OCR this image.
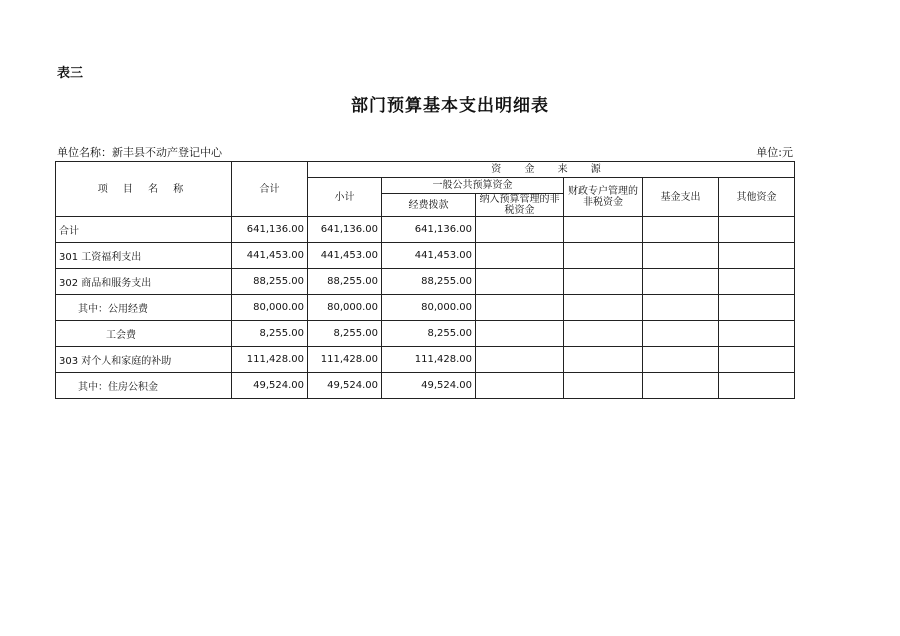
表三
部门预算基本支出明细表
单位名称：新丰县不动产登记中心	单位:元
项 目 名 称	合计	资 金 来 源					
		小计	一般公共预算资金		财政专户管理的非税资金	基金支出	其他资金
			经费拨款	纳入预算管理的非税资金			
合计	641,136.00	641,136.00	641,136.00				
301 工资福利支出	441,453.00	441,453.00	441,453.00				
302 商品和服务支出	88,255.00	88,255.00	88,255.00				
其中：公用经费	80,000.00	80,000.00	80,000.00				
工会费	8,255.00	8,255.00	8,255.00				
303 对个人和家庭的补助	111,428.00	111,428.00	111,428.00				
其中：住房公积金	49,524.00	49,524.00	49,524.00				
